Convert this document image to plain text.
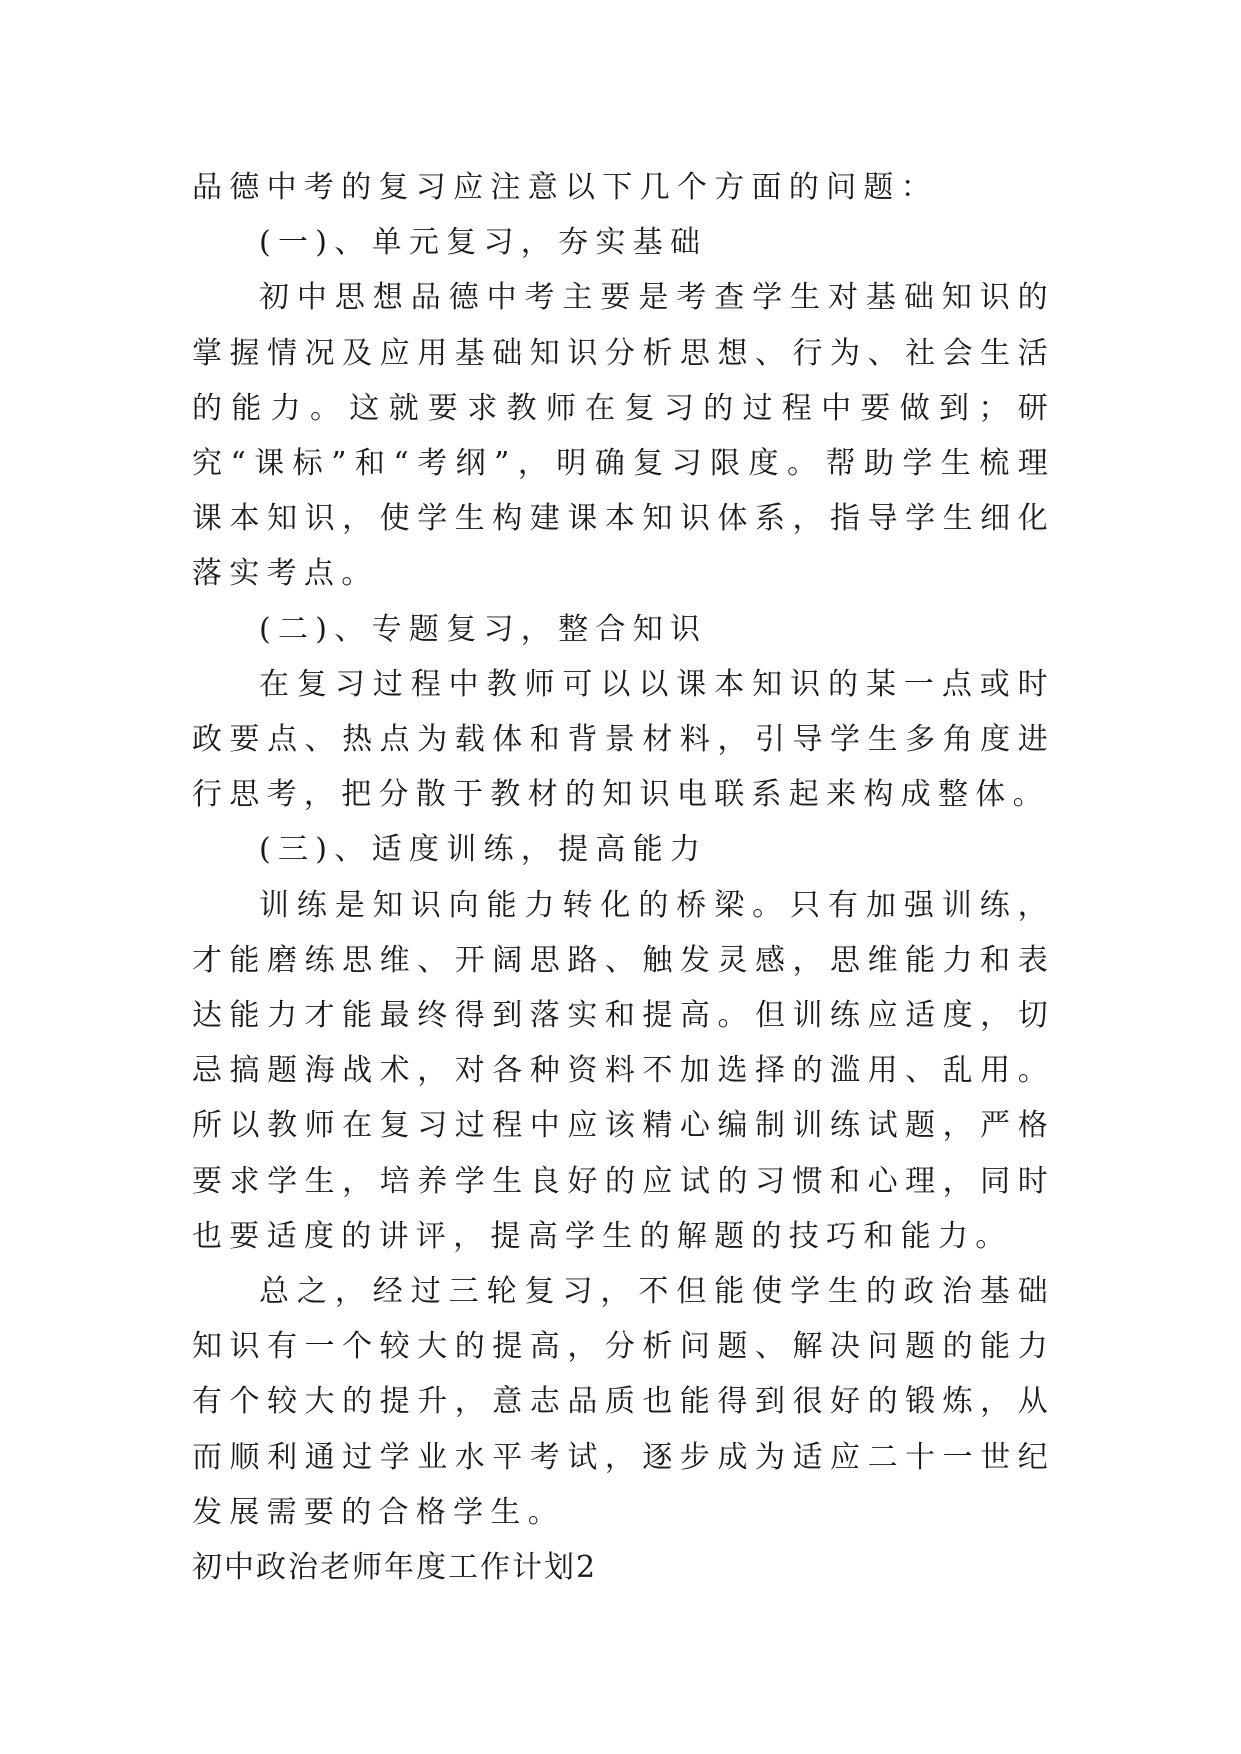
品德中考的复习应注意以下几个方面的问题：

(一)、单元复习，夯实基础

初中思想品德中考主要是考查学生对基础知识的掌握情况及应用基础知识分析思想、行为、社会生活的能力。这就要求教师在复习的过程中要做到；研究“课标”和“考纲”，明确复习限度。帮助学生梳理课本知识，使学生构建课本知识体系，指导学生细化落实考点。

(二)、专题复习，整合知识

在复习过程中教师可以以课本知识的某一点或时政要点、热点为载体和背景材料，引导学生多角度进行思考，把分散于教材的知识电联系起来构成整体。

(三)、适度训练，提高能力

训练是知识向能力转化的桥梁。只有加强训练，才能磨练思维、开阔思路、触发灵感，思维能力和表达能力才能最终得到落实和提高。但训练应适度，切忌搞题海战术，对各种资料不加选择的滥用、乱用。所以教师在复习过程中应该精心编制训练试题，严格要求学生，培养学生良好的应试的习惯和心理，同时也要适度的讲评，提高学生的解题的技巧和能力。

总之，经过三轮复习，不但能使学生的政治基础知识有一个较大的提高，分析问题、解决问题的能力有个较大的提升，意志品质也能得到很好的锻炼，从而顺利通过学业水平考试，逐步成为适应二十一世纪发展需要的合格学生。

初中政治老师年度工作计划2
